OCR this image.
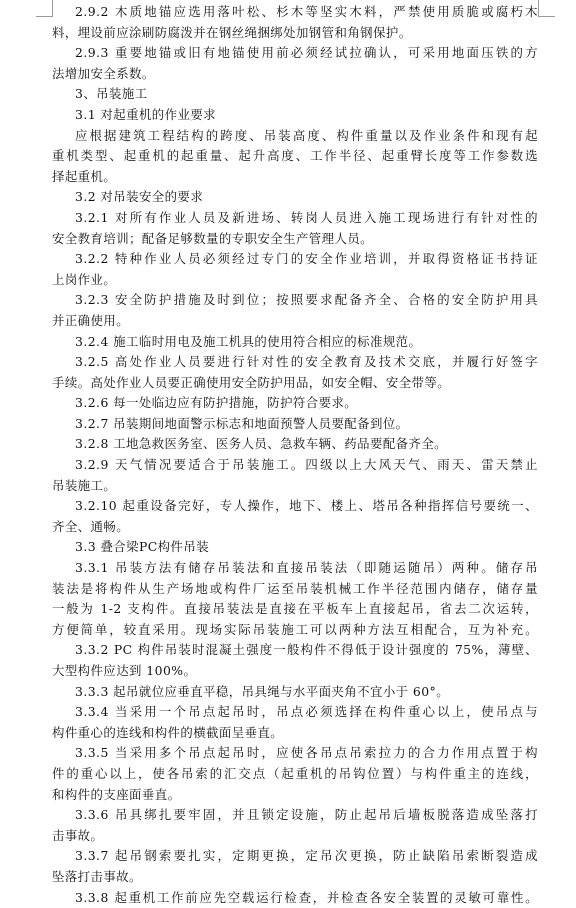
2.9.2 木质地锚应选用落叶松、杉木等坚实木料，严禁使用质脆或腐朽木
料，埋设前应涂刷防腐泼并在钢丝绳捆绑处加钢管和角钢保护。
2.9.3 重要地锚或旧有地锚使用前必须经试拉确认，可采用地面压铁的方
法增加安全系数。
3、吊装施工
3.1 对起重机的作业要求
应根据建筑工程结构的跨度、吊装高度、构件重量以及作业条件和现有起
重机类型、起重机的起重量、起升高度、工作半径、起重臂长度等工作参数选
择起重机。
3.2 对吊装安全的要求
3.2.1 对所有作业人员及新进场、转岗人员进入施工现场进行有针对性的
安全教育培训；配备足够数量的专职安全生产管理人员。
3.2.2 特种作业人员必须经过专门的安全作业培训，并取得资格证书持证
上岗作业。
3.2.3 安全防护措施及时到位；按照要求配备齐全、合格的安全防护用具
并正确使用。
3.2.4 施工临时用电及施工机具的使用符合相应的标准规范。
3.2.5 高处作业人员要进行针对性的安全教育及技术交底，并履行好签字
手续。高处作业人员要正确使用安全防护用品，如安全帽、安全带等。
3.2.6 每一处临边应有防护措施，防护符合要求。
3.2.7 吊装期间地面警示标志和地面预警人员要配备到位。
3.2.8 工地急救医务室、医务人员、急救车辆、药品要配备齐全。
3.2.9 天气情况要适合于吊装施工。四级以上大风天气、雨天、雷天禁止
吊装施工。
3.2.10 起重设备完好，专人操作，地下、楼上、塔吊各种指挥信号要统一、
齐全、通畅。
3.3 叠合梁PC构件吊装
3.3.1 吊装方法有储存吊装法和直接吊装法（即随运随吊）两种。储存吊
装法是将构件从生产场地或构件厂运至吊装机械工作半径范围内储存，储存量
一般为 1-2 支构件。直接吊装法是直接在平板车上直接起吊，省去二次运转，
方便简单，较直采用。现场实际吊装施工可以两种方法互相配合，互为补充。
3.3.2 PC 构件吊装时混凝土强度一般构件不得低于设计强度的 75%，薄壁、
大型构件应达到 100%。
3.3.3 起吊就位应垂直平稳，吊具绳与水平面夹角不宜小于 60°。
3.3.4 当采用一个吊点起吊时，吊点必须选择在构件重心以上，使吊点与
构件重心的连线和构件的横截面呈垂直。
3.3.5 当采用多个吊点起吊时，应使各吊点吊索拉力的合力作用点置于构
件的重心以上，使各吊索的汇交点（起重机的吊钩位置）与构件重主的连线，
和构件的支座面垂直。
3.3.6 吊具绑扎要牢固，并且锁定设施，防止起吊后墙板脱落造成坠落打
击事故。
3.3.7 起吊钢索要扎实，定期更换，定吊次更换，防止缺陷吊索断裂造成
坠落打击事故。
3.3.8 起重机工作前应先空载运行检查，并检查各安全装置的灵敏可靠性。
